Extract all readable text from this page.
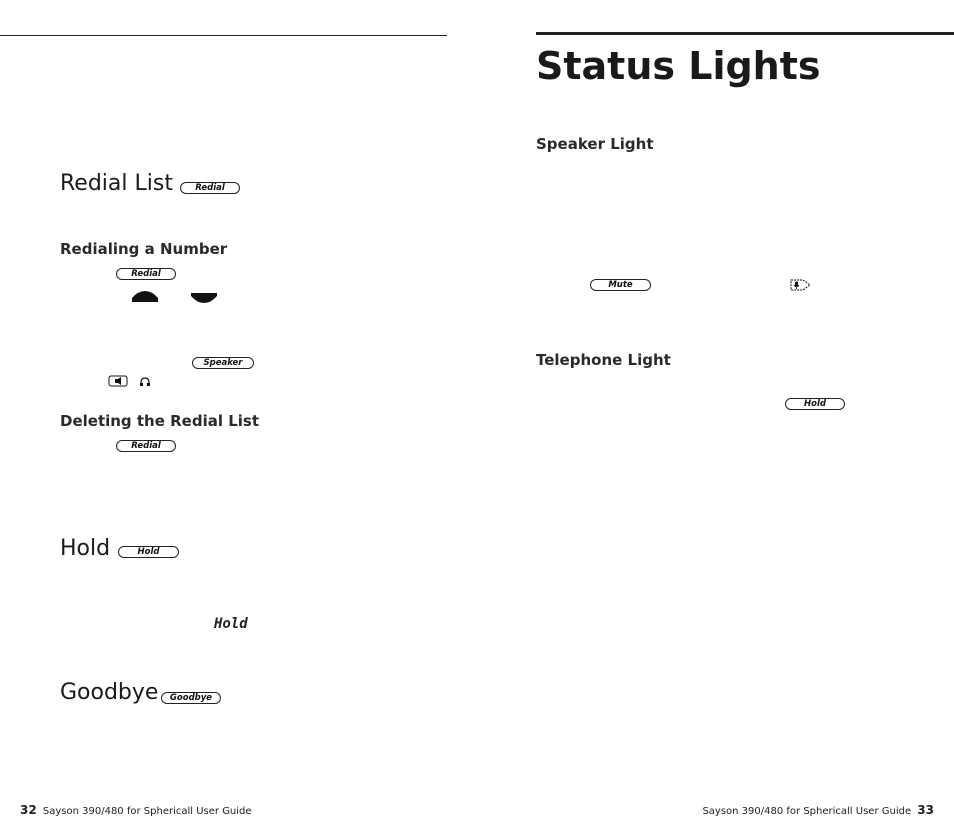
Redial List	Redial
Redialing a Number
Redial
Speaker
Deleting the Redial List
Redial
Hold	Hold
Hold
Goodbye	Goodbye
32 Sayson 390/480 for Sphericall User Guide
Status Lights
Speaker Light
Mute
Telephone Light
Hold
Sayson 390/480 for Sphericall User Guide 33
